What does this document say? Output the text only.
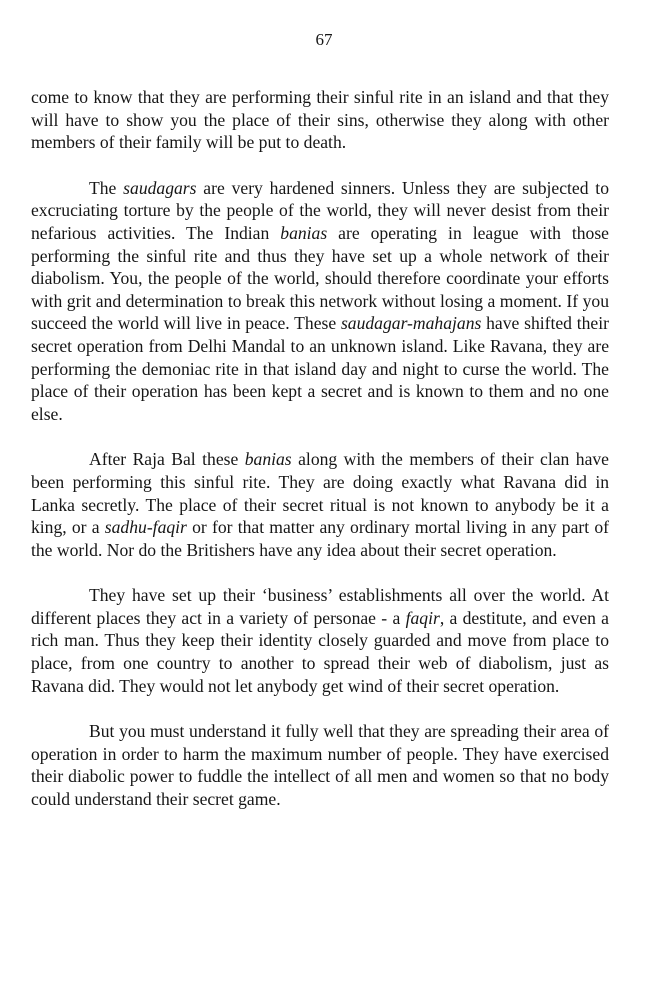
67

come to know that they are performing their sinful rite in an island and that they will have to show you the place of their sins, otherwise they along with other members of their family will be put to death.

The saudagars are very hardened sinners. Unless they are subjected to excruciating torture by the people of the world, they will never desist from their nefarious activities. The Indian banias are operating in league with those performing the sinful rite and thus they have set up a whole network of their diabolism. You, the people of the world, should therefore coordinate your efforts with grit and determination to break this network without losing a moment. If you succeed the world will live in peace. These saudagar-mahajans have shifted their secret operation from Delhi Mandal to an unknown island. Like Ravana, they are performing the demoniac rite in that island day and night to curse the world. The place of their operation has been kept a secret and is known to them and no one else.

After Raja Bal these banias along with the members of their clan have been performing this sinful rite. They are doing exactly what Ravana did in Lanka secretly. The place of their secret ritual is not known to anybody be it a king, or a sadhu-faqir or for that matter any ordinary mortal living in any part of the world. Nor do the Britishers have any idea about their secret operation.

They have set up their ‘business’ establishments all over the world. At different places they act in a variety of personae - a faqir, a destitute, and even a rich man. Thus they keep their identity closely guarded and move from place to place, from one country to another to spread their web of diabolism, just as Ravana did. They would not let anybody get wind of their secret operation.

But you must understand it fully well that they are spreading their area of operation in order to harm the maximum number of people. They have exercised their diabolic power to fuddle the intellect of all men and women so that no body could understand their secret game.
